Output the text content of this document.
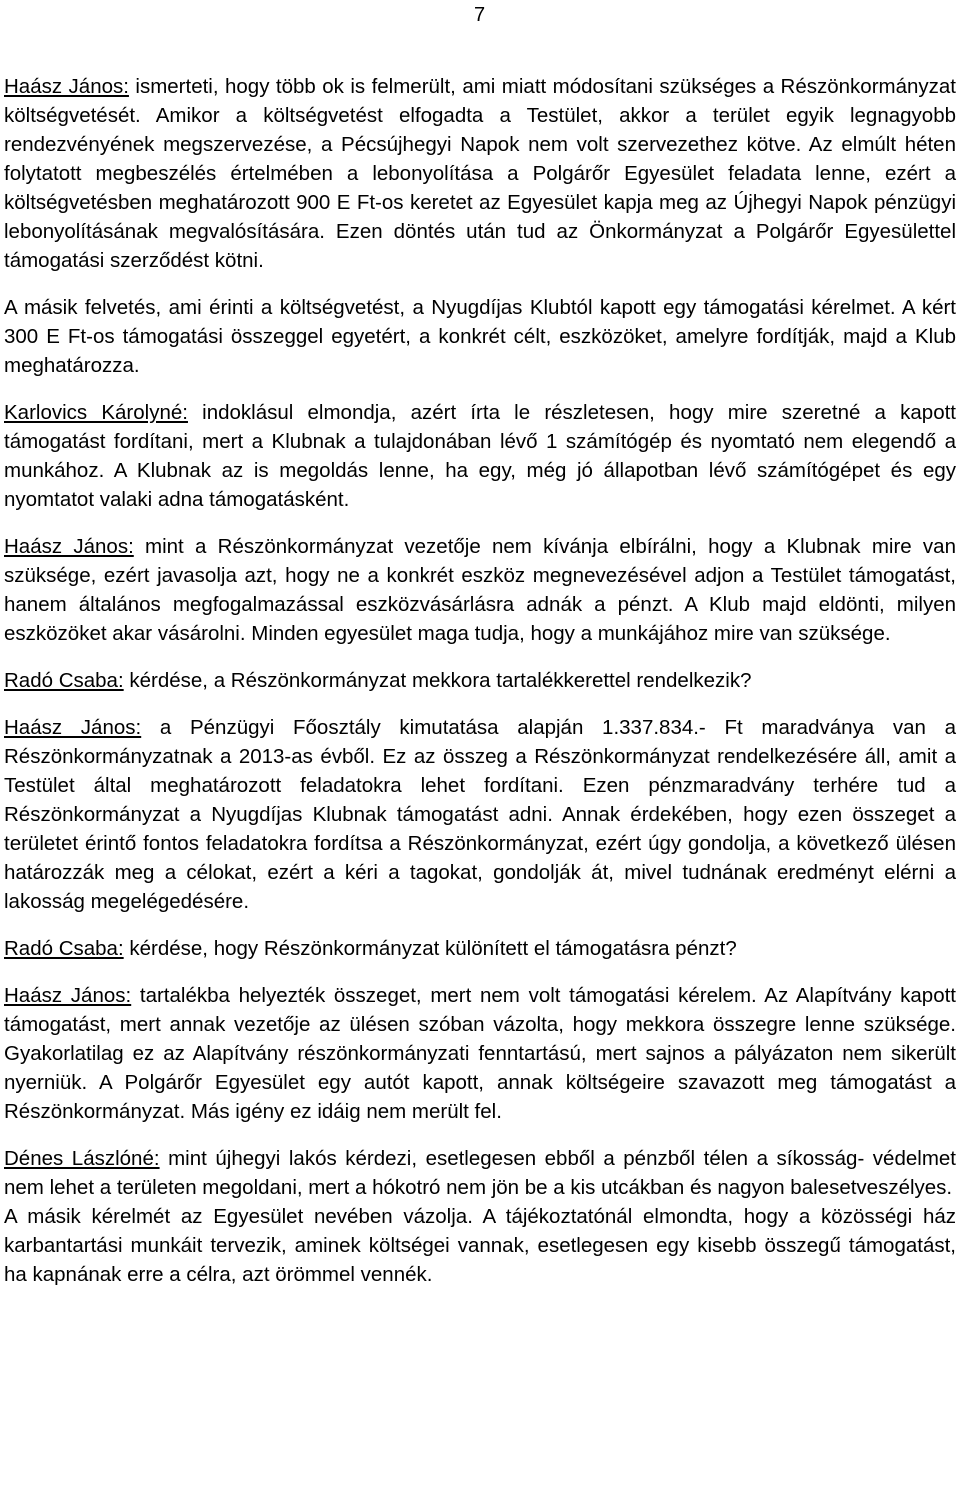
7

Haász János: ismerteti, hogy több ok is felmerült, ami miatt módosítani szükséges a Részönkormányzat költségvetését. Amikor a költségvetést elfogadta a Testület, akkor a terület egyik legnagyobb rendezvényének megszervezése, a Pécsújhegyi Napok nem volt szervezethez kötve. Az elmúlt héten folytatott megbeszélés értelmében a lebonyolítása a Polgárőr Egyesület feladata lenne, ezért a költségvetésben meghatározott 900 E Ft-os keretet az Egyesület kapja meg az Újhegyi Napok pénzügyi lebonyolításának megvalósítására. Ezen döntés után tud az Önkormányzat a Polgárőr Egyesülettel támogatási szerződést kötni.

A másik felvetés, ami érinti a költségvetést, a Nyugdíjas Klubtól kapott egy támogatási kérelmet. A kért 300 E Ft-os támogatási összeggel egyetért, a konkrét célt, eszközöket, amelyre fordítják, majd a Klub meghatározza.

Karlovics Károlyné: indoklásul elmondja, azért írta le részletesen, hogy mire szeretné a kapott támogatást fordítani, mert a Klubnak a tulajdonában lévő 1 számítógép és nyomtató nem elegendő a munkához. A Klubnak az is megoldás lenne, ha egy, még jó állapotban lévő számítógépet és egy nyomtatot valaki adna támogatásként.

Haász János: mint a Részönkormányzat vezetője nem kívánja elbírálni, hogy a Klubnak mire van szüksége, ezért javasolja azt, hogy ne a konkrét eszköz megnevezésével adjon a Testület támogatást, hanem általános megfogalmazással eszközvásárlásra adnák a pénzt. A Klub majd eldönti, milyen eszközöket akar vásárolni. Minden egyesület maga tudja, hogy a munkájához mire van szüksége.

Radó Csaba: kérdése, a Részönkormányzat mekkora tartalékkerettel rendelkezik?

Haász János: a Pénzügyi Főosztály kimutatása alapján 1.337.834.- Ft maradványa van a Részönkormányzatnak a 2013-as évből. Ez az összeg a Részönkormányzat rendelkezésére áll, amit a Testület által meghatározott feladatokra lehet fordítani. Ezen pénzmaradvány terhére tud a Részönkormányzat a Nyugdíjas Klubnak támogatást adni. Annak érdekében, hogy ezen összeget a területet érintő fontos feladatokra fordítsa a Részönkormányzat, ezért úgy gondolja, a következő ülésen határozzák meg a célokat, ezért a kéri a tagokat, gondolják át, mivel tudnának eredményt elérni a lakosság megelégedésére.

Radó Csaba: kérdése, hogy Részönkormányzat különített el támogatásra pénzt?

Haász János: tartalékba helyezték összeget, mert nem volt támogatási kérelem. Az Alapítvány kapott támogatást, mert annak vezetője az ülésen szóban vázolta, hogy mekkora összegre lenne szüksége. Gyakorlatilag ez az Alapítvány részönkormányzati fenntartású, mert sajnos a pályázaton nem sikerült nyerniük. A Polgárőr Egyesület egy autót kapott, annak költségeire szavazott meg támogatást a Részönkormányzat. Más igény ez idáig nem merült fel.

Dénes Lászlóné: mint újhegyi lakós kérdezi, esetlegesen ebből a pénzből télen a síkosság- védelmet nem lehet a területen megoldani, mert a hókotró nem jön be a kis utcákban és nagyon balesetveszélyes.

A másik kérelmét az Egyesület nevében vázolja. A tájékoztatónál elmondta, hogy a közösségi ház karbantartási munkáit tervezik, aminek költségei vannak, esetlegesen egy kisebb összegű támogatást, ha kapnának erre a célra, azt örömmel vennék.
